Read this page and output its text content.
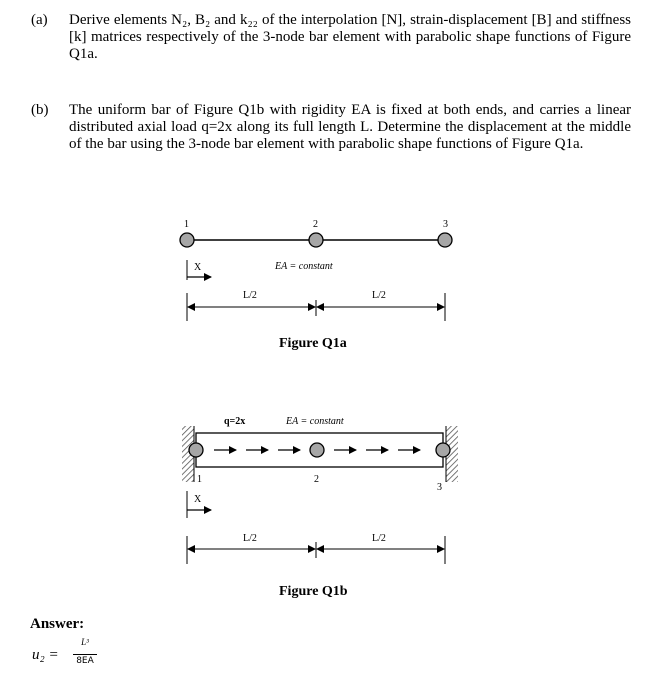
(a) Derive elements N₂, B₂ and k₂₂ of the interpolation [N], strain-displacement [B] and stiffness [k] matrices respectively of the 3-node bar element with parabolic shape functions of Figure Q1a.
(b) The uniform bar of Figure Q1b with rigidity EA is fixed at both ends, and carries a linear distributed axial load q=2x along its full length L. Determine the displacement at the middle of the bar using the 3-node bar element with parabolic shape functions of Figure Q1a.
1	2	3
X	EA = constant
L/2	L/2
Figure Q1a
q=2x	EA = constant
1	2
3
X
L/2	L/2
Figure Q1b
Answer:
u₂ =
L³
8EA
